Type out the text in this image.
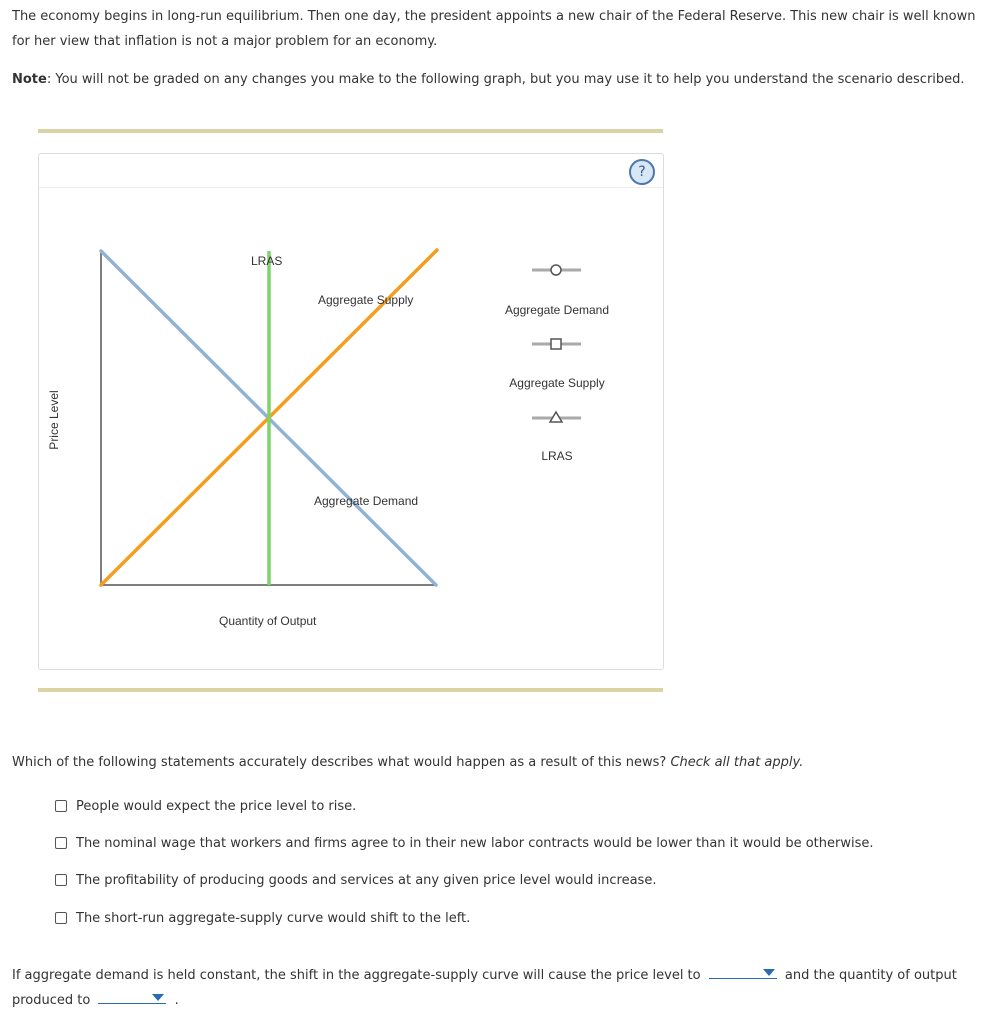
The economy begins in long-run equilibrium. Then one day, the president appoints a new chair of the Federal Reserve. This new chair is well known for her view that inflation is not a major problem for an economy.

Note: You will not be graded on any changes you make to the following graph, but you may use it to help you understand the scenario described.

?
LRAS
Aggregate Supply
Aggregate Demand
Quantity of Output
Price Level
Aggregate Demand
Aggregate Supply
LRAS

Which of the following statements accurately describes what would happen as a result of this news? Check all that apply.

People would expect the price level to rise.
The nominal wage that workers and firms agree to in their new labor contracts would be lower than it would be otherwise.
The profitability of producing goods and services at any given price level would increase.
The short-run aggregate-supply curve would shift to the left.

If aggregate demand is held constant, the shift in the aggregate-supply curve will cause the price level to	and the quantity of output produced to	.
